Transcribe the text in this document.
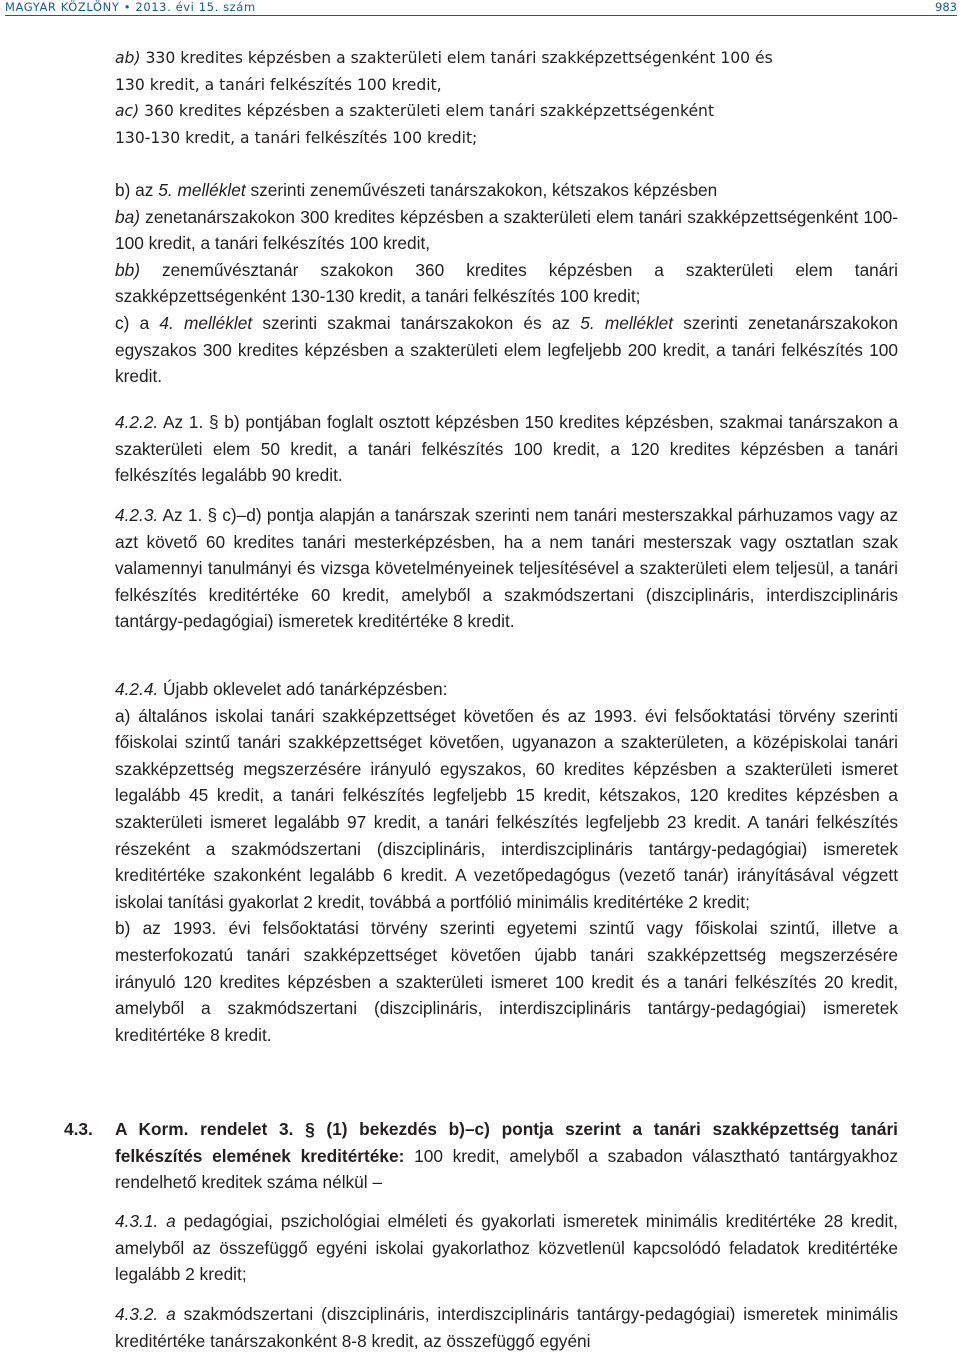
MAGYAR KÖZLÖNY • 2013. évi 15. szám	983

ab) 330 kredites képzésben a szakterületi elem tanári szakképzettségenként 100 és
130 kredit, a tanári felkészítés 100 kredit,

ac) 360 kredites képzésben a szakterületi elem tanári szakképzettségenként
130-130 kredit, a tanári felkészítés 100 kredit;

b) az 5. melléklet szerinti zeneművészeti tanárszakokon, kétszakos képzésben

ba) zenetanárszakokon 300 kredites képzésben a szakterületi elem tanári szakképzettségenként 100-100 kredit, a tanári felkészítés 100 kredit,

bb) zeneművésztanár szakokon 360 kredites képzésben a szakterületi elem tanári szakképzettségenként 130-130 kredit, a tanári felkészítés 100 kredit;

c) a 4. melléklet szerinti szakmai tanárszakokon és az 5. melléklet szerinti zenetanárszakokon egyszakos 300 kredites képzésben a szakterületi elem legfeljebb 200 kredit, a tanári felkészítés 100 kredit.

4.2.2. Az 1. § b) pontjában foglalt osztott képzésben 150 kredites képzésben, szakmai tanárszakon a szakterületi elem 50 kredit, a tanári felkészítés 100 kredit, a 120 kredites képzésben a tanári felkészítés legalább 90 kredit.

4.2.3. Az 1. § c)–d) pontja alapján a tanárszak szerinti nem tanári mesterszakkal párhuzamos vagy az azt követő 60 kredites tanári mesterképzésben, ha a nem tanári mesterszak vagy osztatlan szak valamennyi tanulmányi és vizsga követelményeinek teljesítésével a szakterületi elem teljesül, a tanári felkészítés kreditértéke 60 kredit, amelyből a szakmódszertani (diszciplináris, interdiszciplináris tantárgy-pedagógiai) ismeretek kreditértéke 8 kredit.

4.2.4. Újabb oklevelet adó tanárképzésben:

a) általános iskolai tanári szakképzettséget követően és az 1993. évi felsőoktatási törvény szerinti főiskolai szintű tanári szakképzettséget követően, ugyanazon a szakterületen, a középiskolai tanári szakképzettség megszerzésére irányuló egyszakos, 60 kredites képzésben a szakterületi ismeret legalább 45 kredit, a tanári felkészítés legfeljebb 15 kredit, kétszakos, 120 kredites képzésben a szakterületi ismeret legalább 97 kredit, a tanári felkészítés legfeljebb 23 kredit. A tanári felkészítés részeként a szakmódszertani (diszciplináris, interdiszciplináris tantárgy-pedagógiai) ismeretek kreditértéke szakonként legalább 6 kredit. A vezetőpedagógus (vezető tanár) irányításával végzett iskolai tanítási gyakorlat 2 kredit, továbbá a portfólió minimális kreditértéke 2 kredit;

b) az 1993. évi felsőoktatási törvény szerinti egyetemi szintű vagy főiskolai szintű, illetve a mesterfokozatú tanári szakképzettséget követően újabb tanári szakképzettség megszerzésére irányuló 120 kredites képzésben a szakterületi ismeret 100 kredit és a tanári felkészítés 20 kredit, amelyből a szakmódszertani (diszciplináris, interdiszciplináris tantárgy-pedagógiai) ismeretek kreditértéke 8 kredit.

4.3. A Korm. rendelet 3. § (1) bekezdés b)–c) pontja szerint a tanári szakképzettség tanári felkészítés elemének kreditértéke: 100 kredit, amelyből a szabadon választható tantárgyakhoz rendelhető kreditek száma nélkül –

4.3.1. a pedagógiai, pszichológiai elméleti és gyakorlati ismeretek minimális kreditértéke 28 kredit, amelyből az összefüggő egyéni iskolai gyakorlathoz közvetlenül kapcsolódó feladatok kreditértéke legalább 2 kredit;

4.3.2. a szakmódszertani (diszciplináris, interdiszciplináris tantárgy-pedagógiai) ismeretek minimális kreditértéke tanárszakonként 8-8 kredit, az összefüggő egyéni
